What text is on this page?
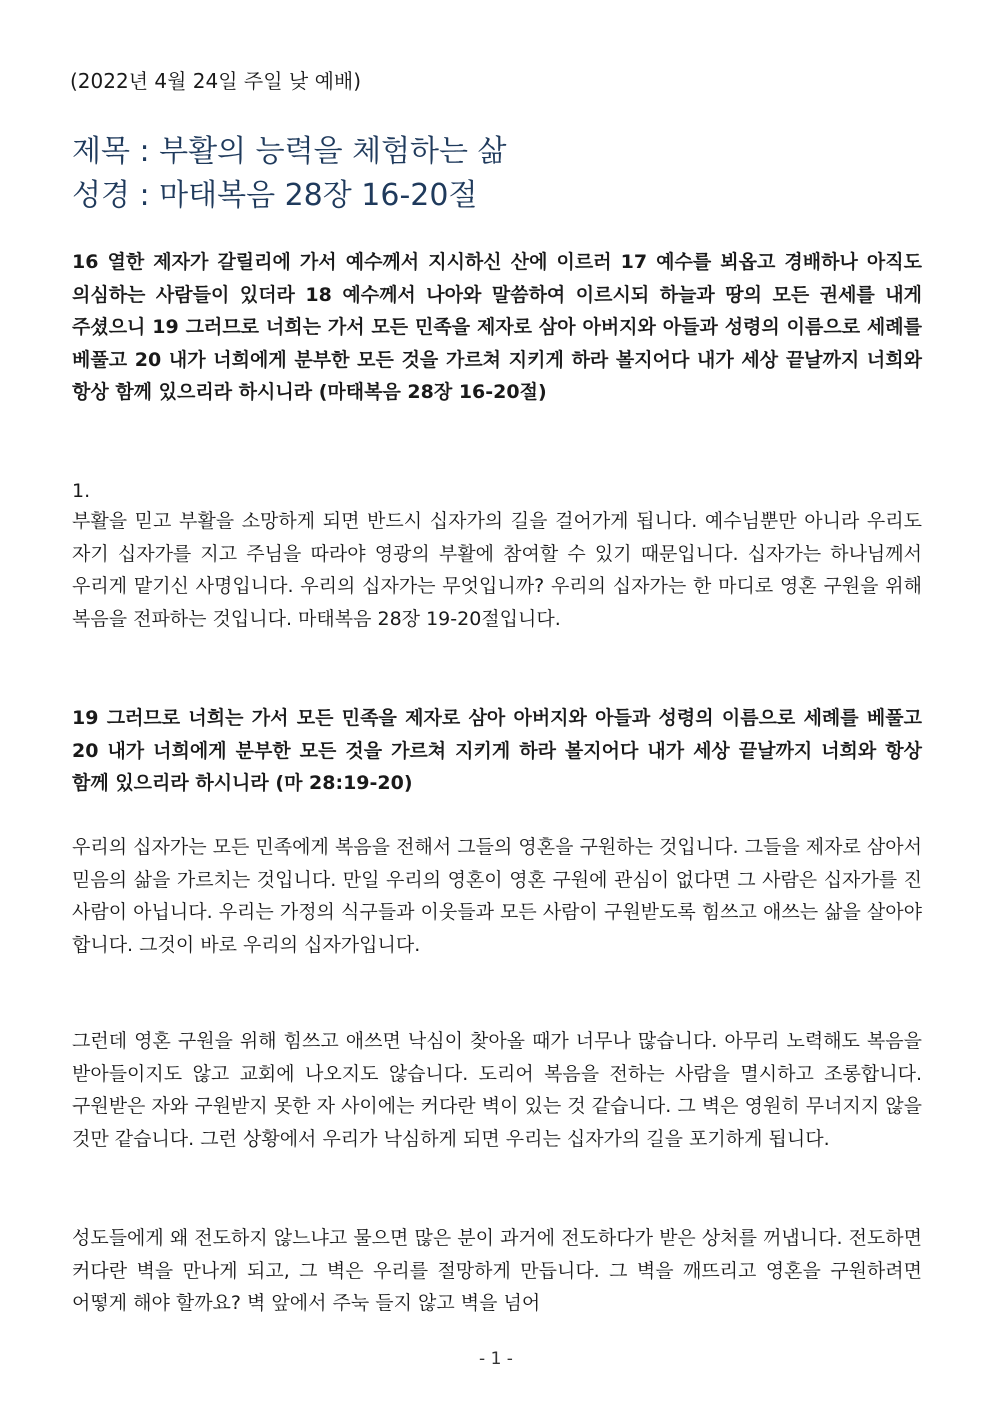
(2022년 4월 24일 주일 낮 예배)
제목 : 부활의 능력을 체험하는 삶
성경 : 마태복음 28장 16-20절
16 열한 제자가 갈릴리에 가서 예수께서 지시하신 산에 이르러 17 예수를 뵈옵고 경배하나 아직도 의심하는 사람들이 있더라 18 예수께서 나아와 말씀하여 이르시되 하늘과 땅의 모든 권세를 내게 주셨으니 19 그러므로 너희는 가서 모든 민족을 제자로 삼아 아버지와 아들과 성령의 이름으로 세례를 베풀고 20 내가 너희에게 분부한 모든 것을 가르쳐 지키게 하라 볼지어다 내가 세상 끝날까지 너희와 항상 함께 있으리라 하시니라 (마태복음 28장 16-20절)
1.
부활을 믿고 부활을 소망하게 되면 반드시 십자가의 길을 걸어가게 됩니다. 예수님뿐만 아니라 우리도 자기 십자가를 지고 주님을 따라야 영광의 부활에 참여할 수 있기 때문입니다. 십자가는 하나님께서 우리게 맡기신 사명입니다. 우리의 십자가는 무엇입니까? 우리의 십자가는 한 마디로 영혼 구원을 위해 복음을 전파하는 것입니다. 마태복음 28장 19-20절입니다.
19 그러므로 너희는 가서 모든 민족을 제자로 삼아 아버지와 아들과 성령의 이름으로 세례를 베풀고 20 내가 너희에게 분부한 모든 것을 가르쳐 지키게 하라 볼지어다 내가 세상 끝날까지 너희와 항상 함께 있으리라 하시니라 (마 28:19-20)
우리의 십자가는 모든 민족에게 복음을 전해서 그들의 영혼을 구원하는 것입니다. 그들을 제자로 삼아서 믿음의 삶을 가르치는 것입니다. 만일 우리의 영혼이 영혼 구원에 관심이 없다면 그 사람은 십자가를 진 사람이 아닙니다. 우리는 가정의 식구들과 이웃들과 모든 사람이 구원받도록 힘쓰고 애쓰는 삶을 살아야 합니다. 그것이 바로 우리의 십자가입니다.
그런데 영혼 구원을 위해 힘쓰고 애쓰면 낙심이 찾아올 때가 너무나 많습니다. 아무리 노력해도 복음을 받아들이지도 않고 교회에 나오지도 않습니다. 도리어 복음을 전하는 사람을 멸시하고 조롱합니다. 구원받은 자와 구원받지 못한 자 사이에는 커다란 벽이 있는 것 같습니다. 그 벽은 영원히 무너지지 않을 것만 같습니다. 그런 상황에서 우리가 낙심하게 되면 우리는 십자가의 길을 포기하게 됩니다.
성도들에게 왜 전도하지 않느냐고 물으면 많은 분이 과거에 전도하다가 받은 상처를 꺼냅니다. 전도하면 커다란 벽을 만나게 되고, 그 벽은 우리를 절망하게 만듭니다. 그 벽을 깨뜨리고 영혼을 구원하려면 어떻게 해야 할까요? 벽 앞에서 주눅 들지 않고 벽을 넘어
- 1 -
